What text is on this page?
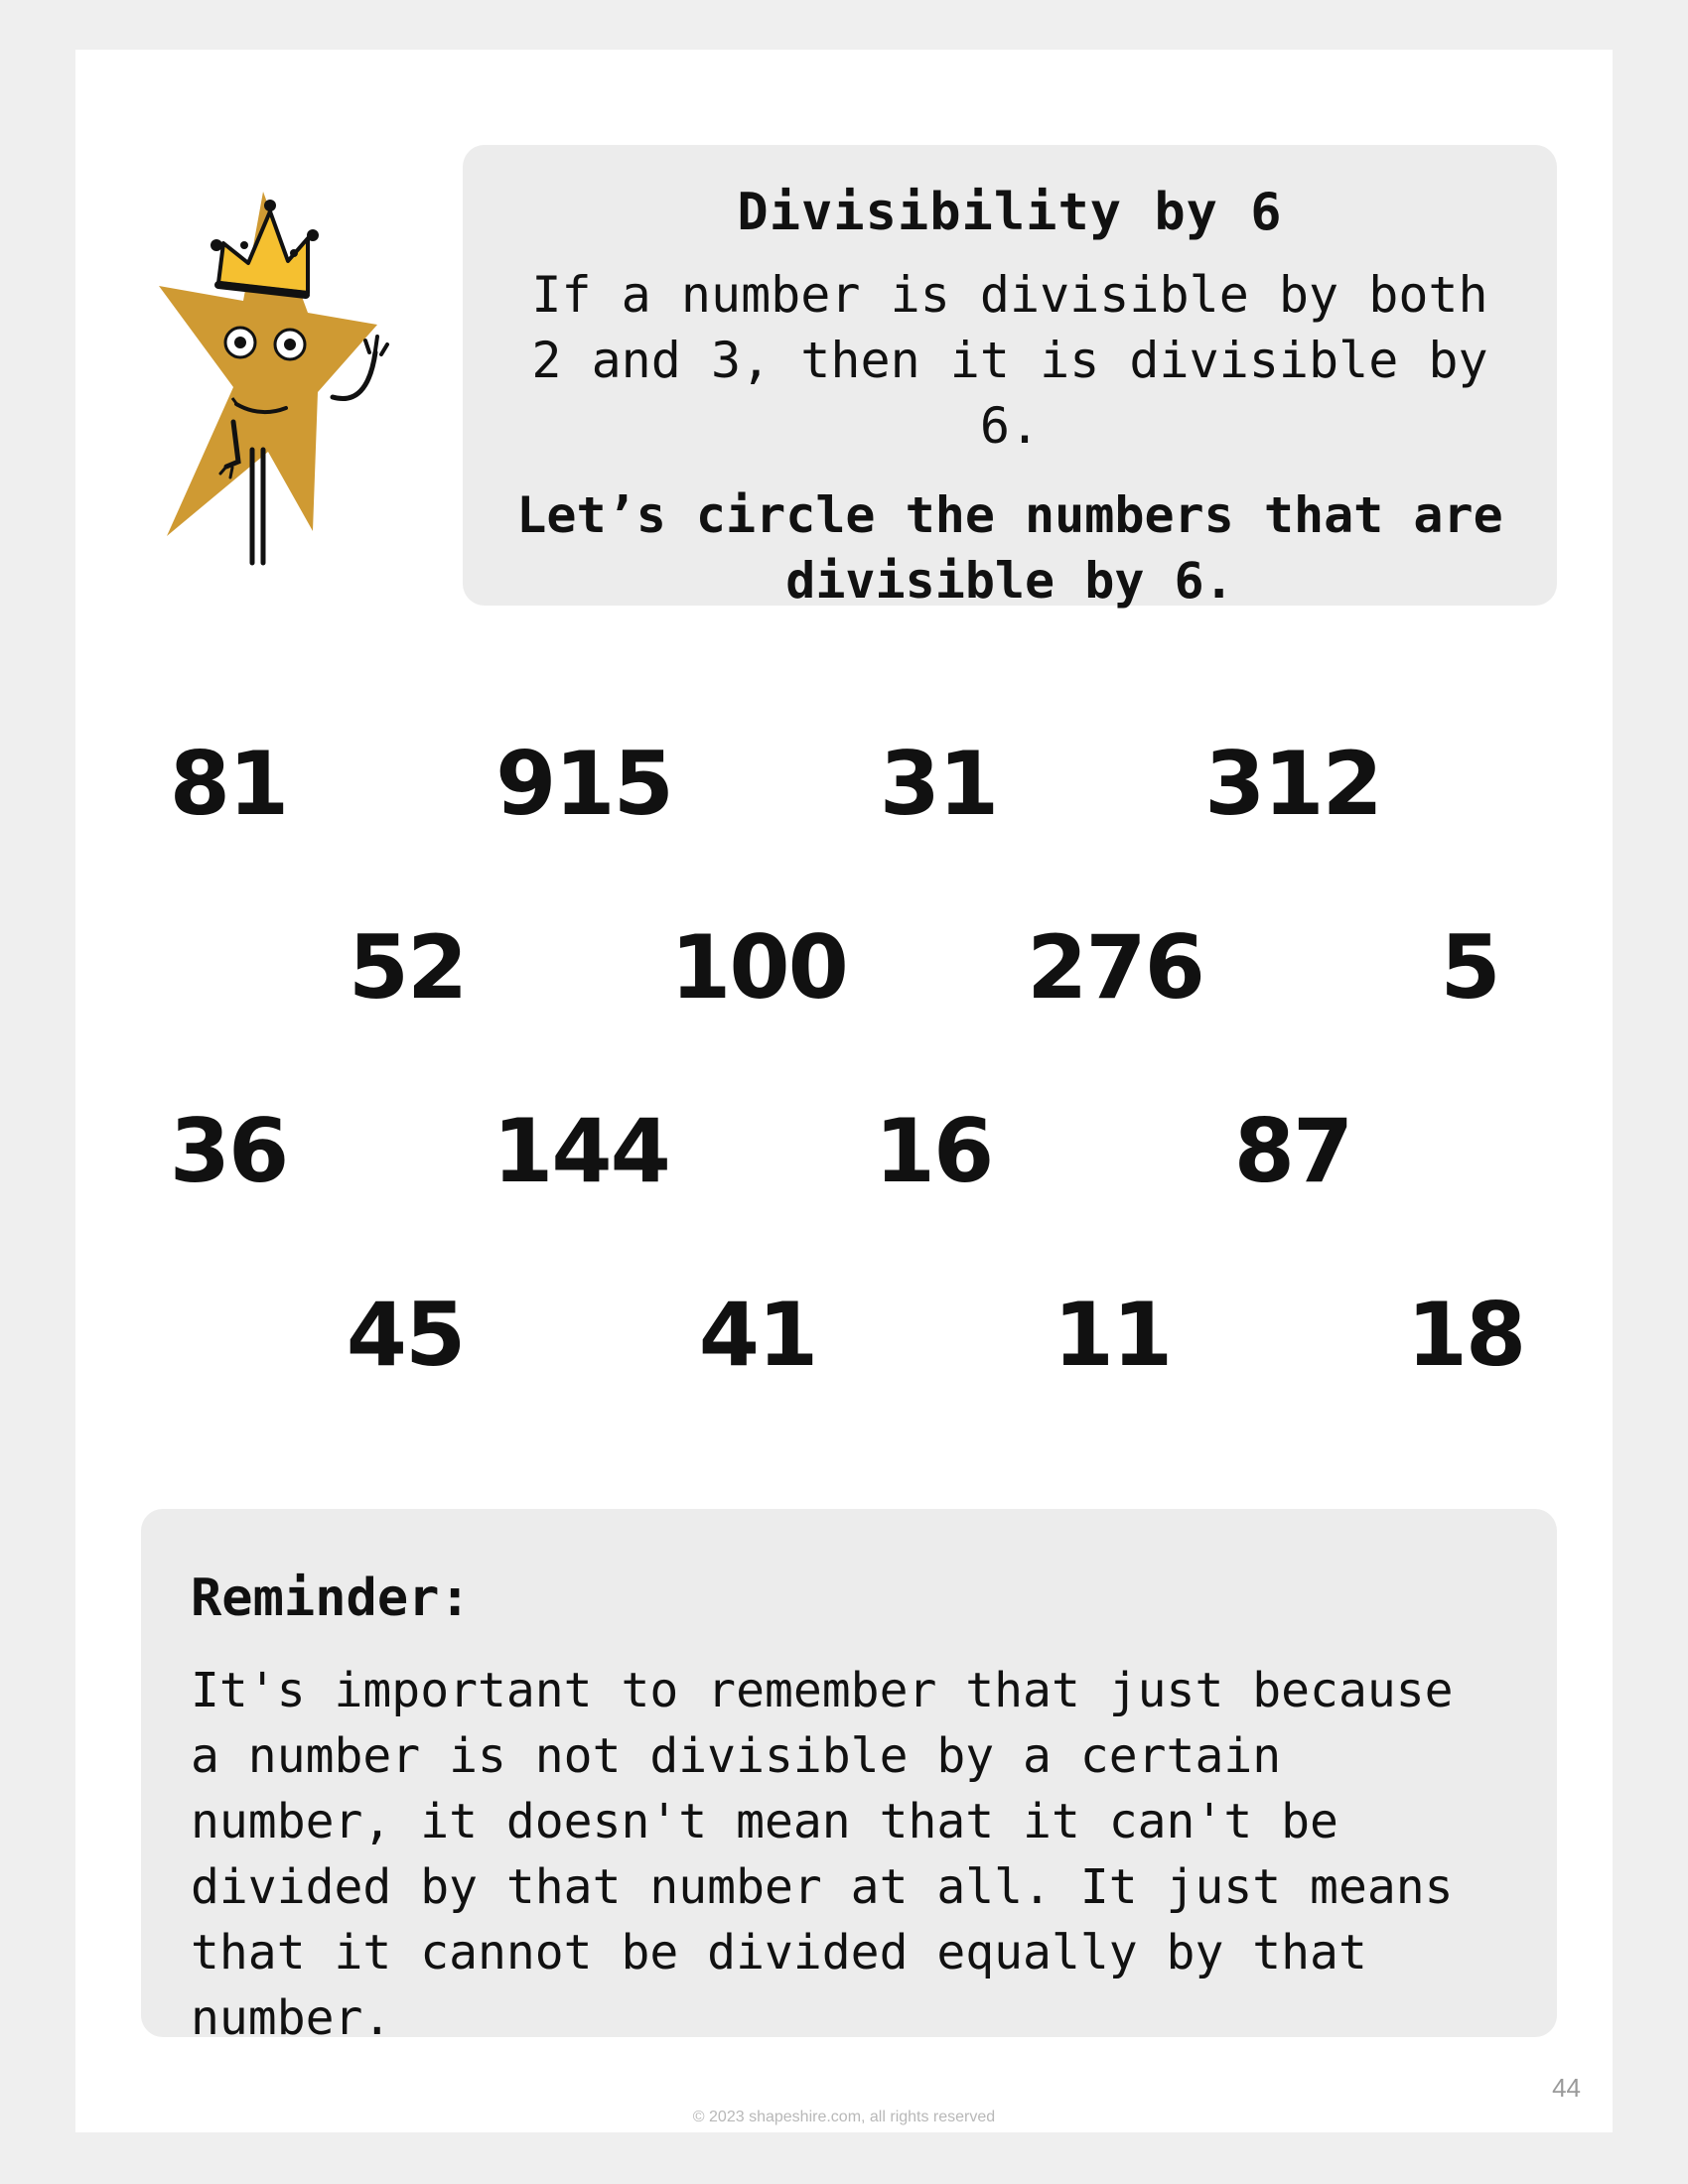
Divisibility by 6

If a number is divisible by both 2 and 3, then it is divisible by 6.

Let’s circle the numbers that are divisible by 6.

81 915 31 312
52 100 276	5
36 144 16	87
45	41	11	18

Reminder:

It's important to remember that just because a number is not divisible by a certain number, it doesn't mean that it can't be divided by that number at all. It just means that it cannot be divided equally by that number.

44
© 2023 shapeshire.com, all rights reserved
